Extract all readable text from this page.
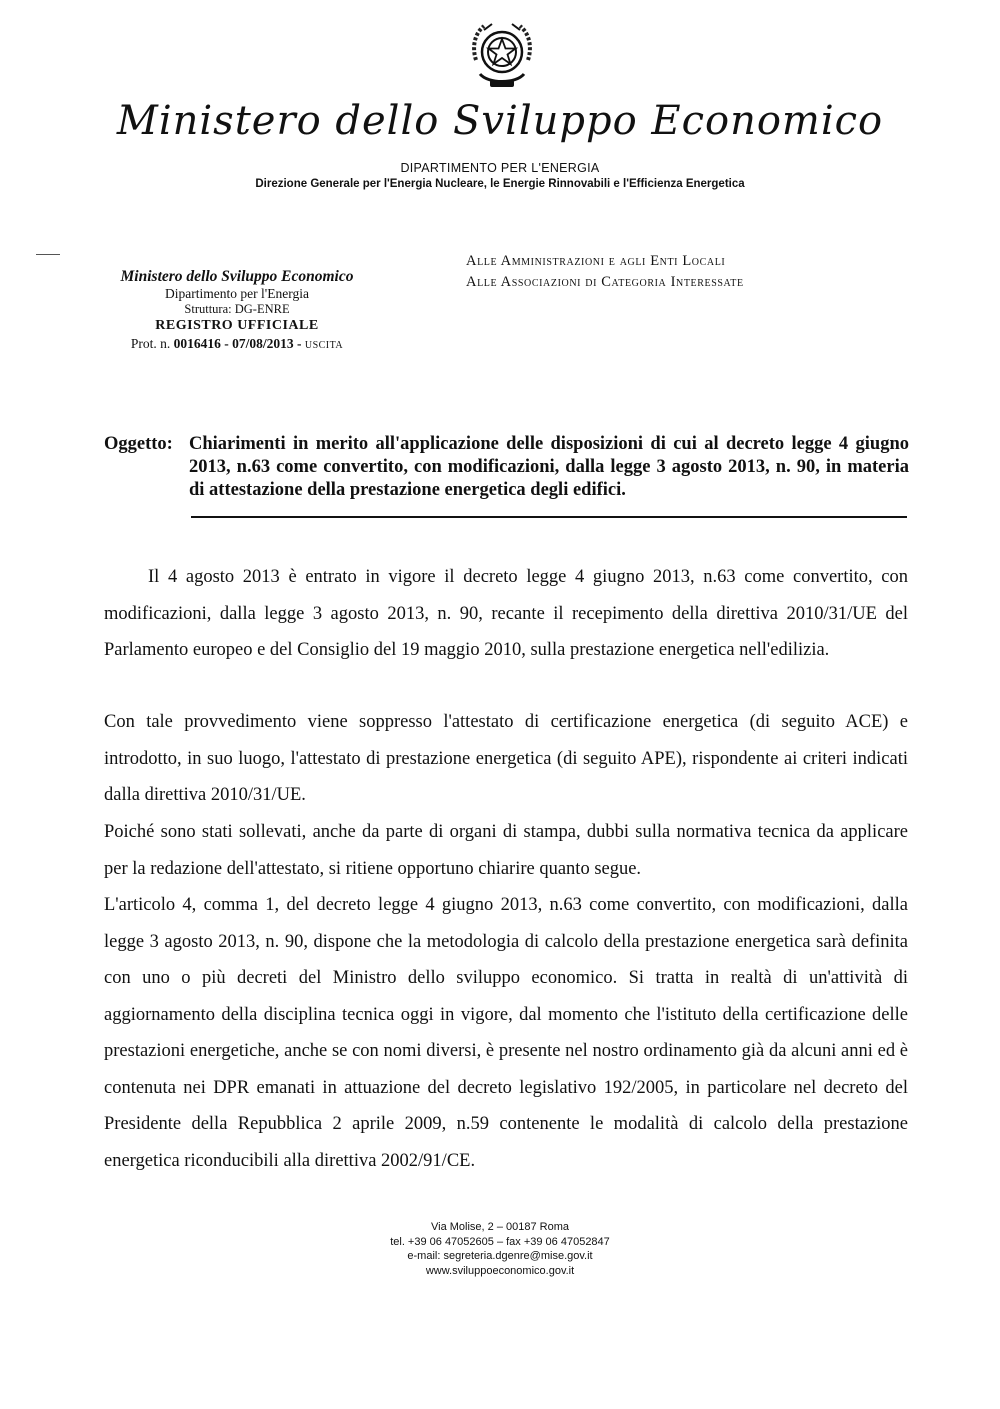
Ministero dello Sviluppo Economico
DIPARTIMENTO PER L'ENERGIA
Direzione Generale per l'Energia Nucleare, le Energie Rinnovabili e l'Efficienza Energetica
Ministero dello Sviluppo Economico
Dipartimento per l'Energia
Struttura: DG-ENRE
REGISTRO UFFICIALE
Prot. n. 0016416 - 07/08/2013 - USCITA
Alle Amministrazioni e agli Enti Locali
Alle Associazioni di Categoria Interessate
Oggetto: Chiarimenti in merito all'applicazione delle disposizioni di cui al decreto legge 4 giugno 2013, n.63 come convertito, con modificazioni, dalla legge 3 agosto 2013, n. 90, in materia di attestazione della prestazione energetica degli edifici.
Il 4 agosto 2013 è entrato in vigore il decreto legge 4 giugno 2013, n.63 come convertito, con modificazioni, dalla legge 3 agosto 2013, n. 90, recante il recepimento della direttiva 2010/31/UE del Parlamento europeo e del Consiglio del 19 maggio 2010, sulla prestazione energetica nell'edilizia.
Con tale provvedimento viene soppresso l'attestato di certificazione energetica (di seguito ACE) e introdotto, in suo luogo, l'attestato di prestazione energetica (di seguito APE), rispondente ai criteri indicati dalla direttiva 2010/31/UE.
Poiché sono stati sollevati, anche da parte di organi di stampa, dubbi sulla normativa tecnica da applicare per la redazione dell'attestato, si ritiene opportuno chiarire quanto segue.
L'articolo 4, comma 1, del decreto legge 4 giugno 2013, n.63 come convertito, con modificazioni, dalla legge 3 agosto 2013, n. 90, dispone che la metodologia di calcolo della prestazione energetica sarà definita con uno o più decreti del Ministro dello sviluppo economico. Si tratta in realtà di un'attività di aggiornamento della disciplina tecnica oggi in vigore, dal momento che l'istituto della certificazione delle prestazioni energetiche, anche se con nomi diversi, è presente nel nostro ordinamento già da alcuni anni ed è contenuta nei DPR emanati in attuazione del decreto legislativo 192/2005, in particolare nel decreto del Presidente della Repubblica 2 aprile 2009, n.59 contenente le modalità di calcolo della prestazione energetica riconducibili alla direttiva 2002/91/CE.
Via Molise, 2 – 00187 Roma
tel. +39 06 47052605 – fax +39 06 47052847
e-mail: segreteria.dgenre@mise.gov.it
www.sviluppoeconomico.gov.it
